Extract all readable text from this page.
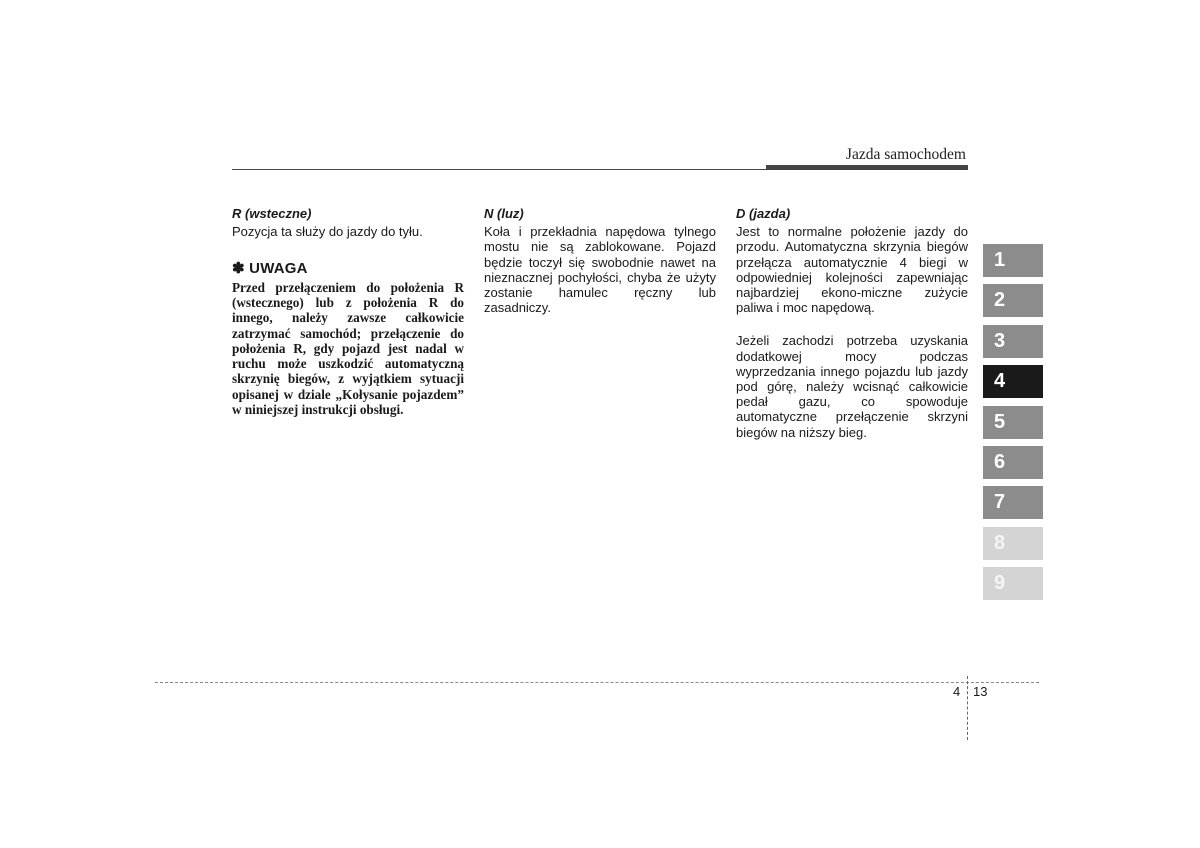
Jazda samochodem

R (wsteczne)

Pozycja ta służy do jazdy do tyłu.

✽ UWAGA

Przed przełączeniem do położenia R (wstecznego) lub z położenia R do innego, należy zawsze całkowicie zatrzymać samochód; przełączenie do położenia R, gdy pojazd jest nadal w ruchu może uszkodzić automatyczną skrzynię biegów, z wyjątkiem sytuacji opisanej w dziale „Kołysanie pojazdem” w niniejszej instrukcji obsługi.

N (luz)

Koła i przekładnia napędowa tylnego mostu nie są zablokowane. Pojazd będzie toczył się swobodnie nawet na nieznacznej pochyłości, chyba że użyty zostanie hamulec ręczny lub zasadniczy.

D (jazda)

Jest to normalne położenie jazdy do przodu. Automatyczna skrzynia biegów przełącza automatycznie 4 biegi w odpowiedniej kolejności zapewniając najbardziej ekono-miczne zużycie paliwa i moc napędową.

Jeżeli zachodzi potrzeba uzyskania dodatkowej mocy podczas wyprzedzania innego pojazdu lub jazdy pod górę, należy wcisnąć całkowicie pedał gazu, co spowoduje automatyczne przełączenie skrzyni biegów na niższy bieg.

1
2
3
4
5
6
7
8
9
4 13
